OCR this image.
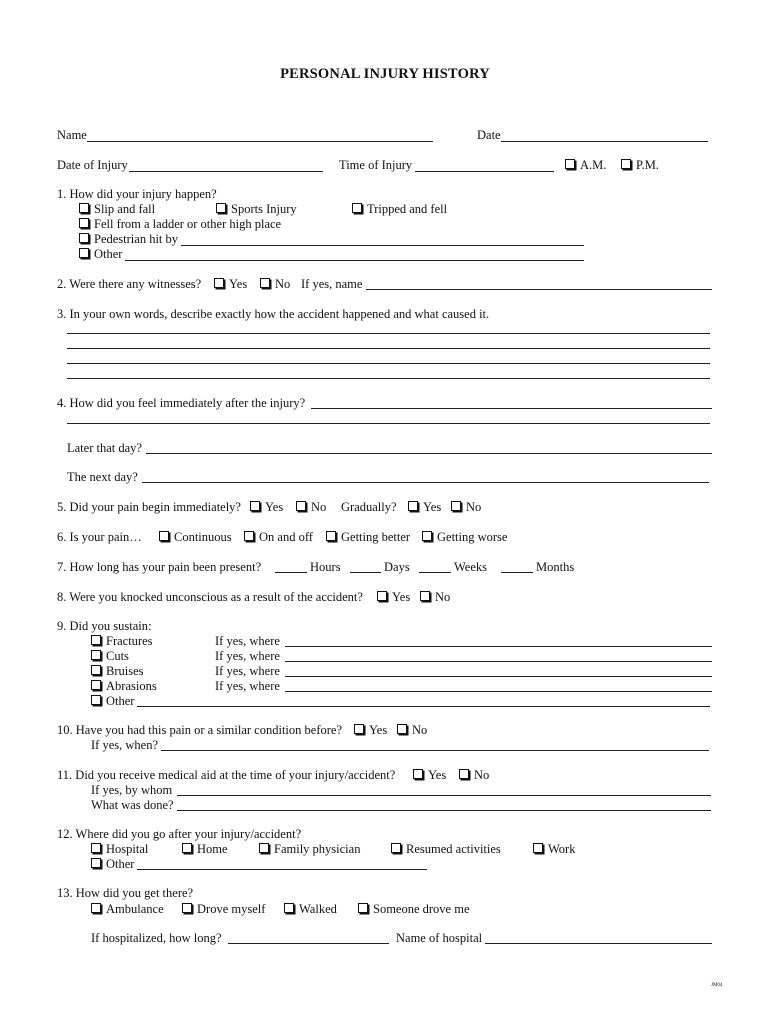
PERSONAL INJURY HISTORY
Name	Date
Date of Injury	Time of Injury	A.M.	P.M.
1. How did your injury happen?
Slip and fall	Sports Injury	Tripped and fell
Fell from a ladder or other high place
Pedestrian hit by
Other
2. Were there any witnesses?	Yes	No If yes, name
3. In your own words, describe exactly how the accident happened and what caused it.
4. How did you feel immediately after the injury?
Later that day?
The next day?
5. Did your pain begin immediately?	Yes	No Gradually?	Yes	No
6. Is your pain…	Continuous	On and off	Getting better	Getting worse
7. How long has your pain been present?	Hours	Days	Weeks	Months
8. Were you knocked unconscious as a result of the accident?	Yes	No
9. Did you sustain:
Fractures	If yes, where
Cuts	If yes, where
Bruises	If yes, where
Abrasions	If yes, where
Other
10. Have you had this pain or a similar condition before?	Yes	No
If yes, when?
11. Did you receive medical aid at the time of your injury/accident?	Yes	No
If yes, by whom
What was done?
12. Where did you go after your injury/accident?
Hospital	Home	Family physician	Resumed activities	Work
Other
13. How did you get there?
Ambulance	Drove myself	Walked	Someone drove me
If hospitalized, how long?	Name of hospital
JM04
